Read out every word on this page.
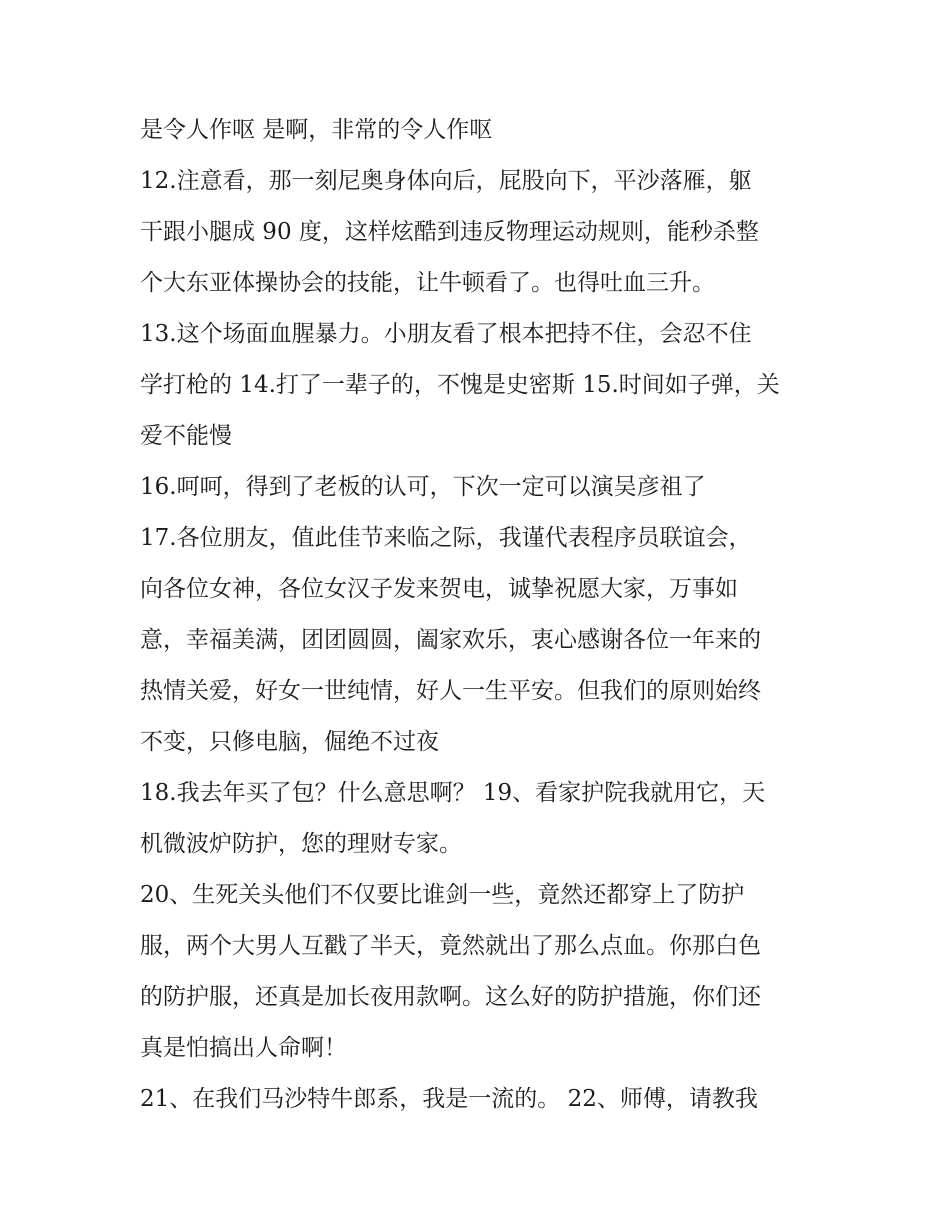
是令人作呕 是啊，非常的令人作呕
12.注意看，那一刻尼奥身体向后，屁股向下，平沙落雁，躯
干跟小腿成 90 度，这样炫酷到违反物理运动规则，能秒杀整
个大东亚体操协会的技能，让牛顿看了。也得吐血三升。
13.这个场面血腥暴力。小朋友看了根本把持不住，会忍不住
学打枪的 14.打了一辈子的，不愧是史密斯 15.时间如子弹，关
爱不能慢
16.呵呵，得到了老板的认可，下次一定可以演吴彦祖了
17.各位朋友，值此佳节来临之际，我谨代表程序员联谊会，
向各位女神，各位女汉子发来贺电，诚挚祝愿大家，万事如
意，幸福美满，团团圆圆，阖家欢乐，衷心感谢各位一年来的
热情关爱，好女一世纯情，好人一生平安。但我们的原则始终
不变，只修电脑，倔绝不过夜
18.我去年买了包？什么意思啊？ 19、看家护院我就用它，天
机微波炉防护，您的理财专家。
20、生死关头他们不仅要比谁剑一些，竟然还都穿上了防护
服，两个大男人互戳了半天，竟然就出了那么点血。你那白色
的防护服，还真是加长夜用款啊。这么好的防护措施，你们还
真是怕搞出人命啊！
21、在我们马沙特牛郎系，我是一流的。 22、师傅，请教我
